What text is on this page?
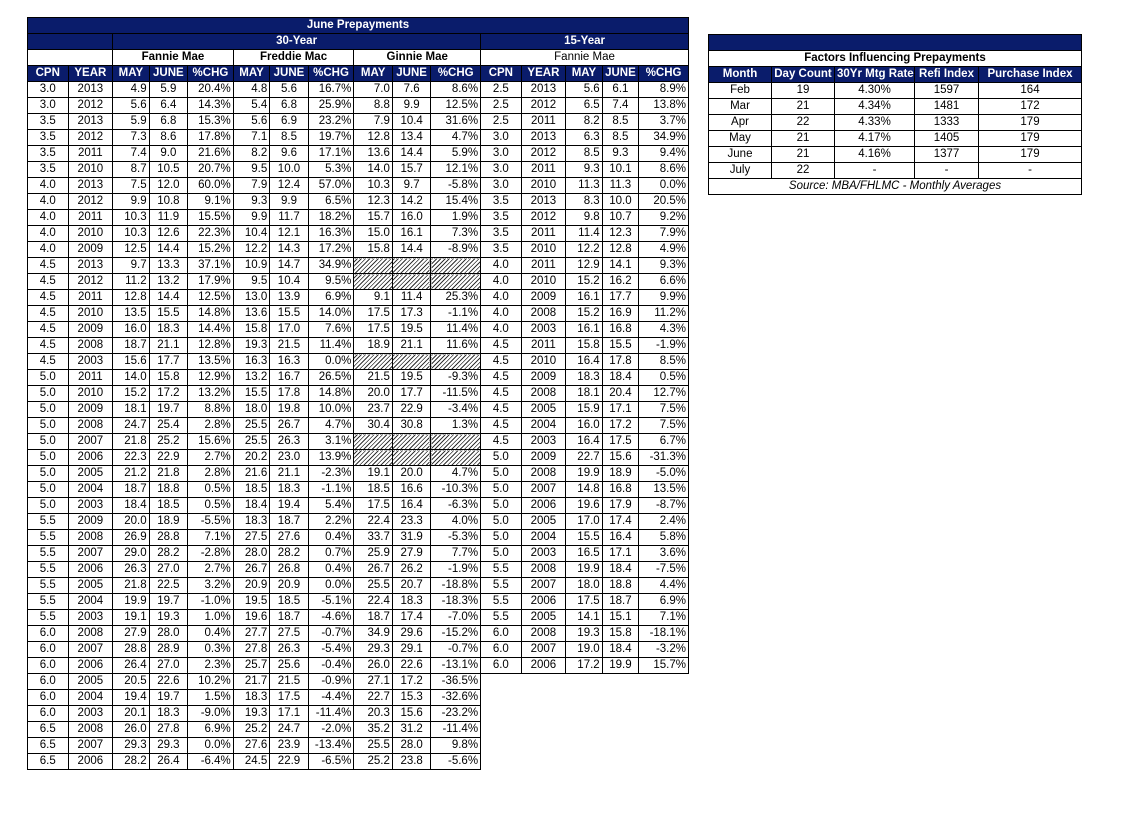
June Prepayments															
		30-Year									15-Year				
		Fannie Mae			Freddie Mac			Ginnie Mae			Fannie Mae				
CPN	YEAR	MAY	JUNE	%CHG	MAY	JUNE	%CHG	MAY	JUNE	%CHG	CPN	YEAR	MAY	JUNE	%CHG
3.0	2013	4.9	5.9	20.4%	4.8	5.6	16.7%	7.0	7.6	8.6%	2.5	2013	5.6	6.1	8.9%
3.0	2012	5.6	6.4	14.3%	5.4	6.8	25.9%	8.8	9.9	12.5%	2.5	2012	6.5	7.4	13.8%
3.5	2013	5.9	6.8	15.3%	5.6	6.9	23.2%	7.9	10.4	31.6%	2.5	2011	8.2	8.5	3.7%
3.5	2012	7.3	8.6	17.8%	7.1	8.5	19.7%	12.8	13.4	4.7%	3.0	2013	6.3	8.5	34.9%
3.5	2011	7.4	9.0	21.6%	8.2	9.6	17.1%	13.6	14.4	5.9%	3.0	2012	8.5	9.3	9.4%
3.5	2010	8.7	10.5	20.7%	9.5	10.0	5.3%	14.0	15.7	12.1%	3.0	2011	9.3	10.1	8.6%
4.0	2013	7.5	12.0	60.0%	7.9	12.4	57.0%	10.3	9.7	-5.8%	3.0	2010	11.3	11.3	0.0%
4.0	2012	9.9	10.8	9.1%	9.3	9.9	6.5%	12.3	14.2	15.4%	3.5	2013	8.3	10.0	20.5%
4.0	2011	10.3	11.9	15.5%	9.9	11.7	18.2%	15.7	16.0	1.9%	3.5	2012	9.8	10.7	9.2%
4.0	2010	10.3	12.6	22.3%	10.4	12.1	16.3%	15.0	16.1	7.3%	3.5	2011	11.4	12.3	7.9%
4.0	2009	12.5	14.4	15.2%	12.2	14.3	17.2%	15.8	14.4	-8.9%	3.5	2010	12.2	12.8	4.9%
4.5	2013	9.7	13.3	37.1%	10.9	14.7	34.9%				4.0	2011	12.9	14.1	9.3%
4.5	2012	11.2	13.2	17.9%	9.5	10.4	9.5%				4.0	2010	15.2	16.2	6.6%
4.5	2011	12.8	14.4	12.5%	13.0	13.9	6.9%	9.1	11.4	25.3%	4.0	2009	16.1	17.7	9.9%
4.5	2010	13.5	15.5	14.8%	13.6	15.5	14.0%	17.5	17.3	-1.1%	4.0	2008	15.2	16.9	11.2%
4.5	2009	16.0	18.3	14.4%	15.8	17.0	7.6%	17.5	19.5	11.4%	4.0	2003	16.1	16.8	4.3%
4.5	2008	18.7	21.1	12.8%	19.3	21.5	11.4%	18.9	21.1	11.6%	4.5	2011	15.8	15.5	-1.9%
4.5	2003	15.6	17.7	13.5%	16.3	16.3	0.0%				4.5	2010	16.4	17.8	8.5%
5.0	2011	14.0	15.8	12.9%	13.2	16.7	26.5%	21.5	19.5	-9.3%	4.5	2009	18.3	18.4	0.5%
5.0	2010	15.2	17.2	13.2%	15.5	17.8	14.8%	20.0	17.7	-11.5%	4.5	2008	18.1	20.4	12.7%
5.0	2009	18.1	19.7	8.8%	18.0	19.8	10.0%	23.7	22.9	-3.4%	4.5	2005	15.9	17.1	7.5%
5.0	2008	24.7	25.4	2.8%	25.5	26.7	4.7%	30.4	30.8	1.3%	4.5	2004	16.0	17.2	7.5%
5.0	2007	21.8	25.2	15.6%	25.5	26.3	3.1%				4.5	2003	16.4	17.5	6.7%
5.0	2006	22.3	22.9	2.7%	20.2	23.0	13.9%				5.0	2009	22.7	15.6	-31.3%
5.0	2005	21.2	21.8	2.8%	21.6	21.1	-2.3%	19.1	20.0	4.7%	5.0	2008	19.9	18.9	-5.0%
5.0	2004	18.7	18.8	0.5%	18.5	18.3	-1.1%	18.5	16.6	-10.3%	5.0	2007	14.8	16.8	13.5%
5.0	2003	18.4	18.5	0.5%	18.4	19.4	5.4%	17.5	16.4	-6.3%	5.0	2006	19.6	17.9	-8.7%
5.5	2009	20.0	18.9	-5.5%	18.3	18.7	2.2%	22.4	23.3	4.0%	5.0	2005	17.0	17.4	2.4%
5.5	2008	26.9	28.8	7.1%	27.5	27.6	0.4%	33.7	31.9	-5.3%	5.0	2004	15.5	16.4	5.8%
5.5	2007	29.0	28.2	-2.8%	28.0	28.2	0.7%	25.9	27.9	7.7%	5.0	2003	16.5	17.1	3.6%
5.5	2006	26.3	27.0	2.7%	26.7	26.8	0.4%	26.7	26.2	-1.9%	5.5	2008	19.9	18.4	-7.5%
5.5	2005	21.8	22.5	3.2%	20.9	20.9	0.0%	25.5	20.7	-18.8%	5.5	2007	18.0	18.8	4.4%
5.5	2004	19.9	19.7	-1.0%	19.5	18.5	-5.1%	22.4	18.3	-18.3%	5.5	2006	17.5	18.7	6.9%
5.5	2003	19.1	19.3	1.0%	19.6	18.7	-4.6%	18.7	17.4	-7.0%	5.5	2005	14.1	15.1	7.1%
6.0	2008	27.9	28.0	0.4%	27.7	27.5	-0.7%	34.9	29.6	-15.2%	6.0	2008	19.3	15.8	-18.1%
6.0	2007	28.8	28.9	0.3%	27.8	26.3	-5.4%	29.3	29.1	-0.7%	6.0	2007	19.0	18.4	-3.2%
6.0	2006	26.4	27.0	2.3%	25.7	25.6	-0.4%	26.0	22.6	-13.1%	6.0	2006	17.2	19.9	15.7%
6.0	2005	20.5	22.6	10.2%	21.7	21.5	-0.9%	27.1	17.2	-36.5%					
6.0	2004	19.4	19.7	1.5%	18.3	17.5	-4.4%	22.7	15.3	-32.6%					
6.0	2003	20.1	18.3	-9.0%	19.3	17.1	-11.4%	20.3	15.6	-23.2%					
6.5	2008	26.0	27.8	6.9%	25.2	24.7	-2.0%	35.2	31.2	-11.4%					
6.5	2007	29.3	29.3	0.0%	27.6	23.9	-13.4%	25.5	28.0	9.8%					
6.5	2006	28.2	26.4	-6.4%	24.5	22.9	-6.5%	25.2	23.8	-5.6%					

Factors Influencing Prepayments				
Month	Day Count	30Yr Mtg Rate	Refi Index	Purchase Index
Feb	19	4.30%	1597	164
Mar	21	4.34%	1481	172
Apr	22	4.33%	1333	179
May	21	4.17%	1405	179
June	21	4.16%	1377	179
July	22	-	-	-
Source: MBA/FHLMC - Monthly Averages				
